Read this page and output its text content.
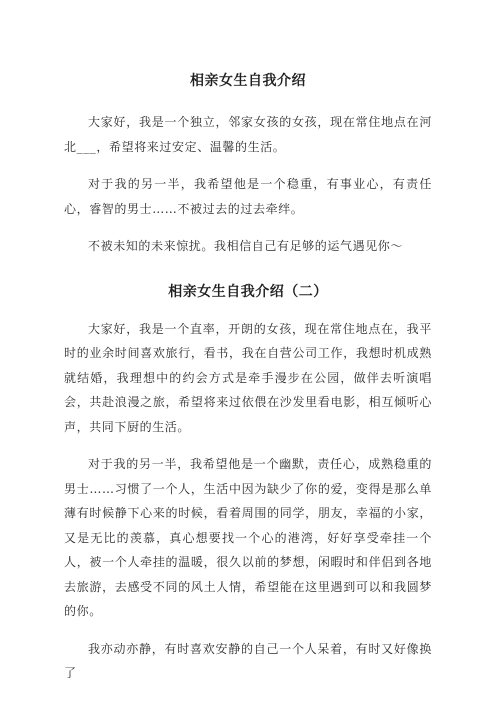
相亲女生自我介绍

大家好，我是一个独立，邻家女孩的女孩，现在常住地点在河北___，希望将来过安定、温馨的生活。

对于我的另一半，我希望他是一个稳重，有事业心，有责任心，睿智的男士……不被过去的过去牵绊。

不被未知的未来惊扰。我相信自己有足够的运气遇见你～

相亲女生自我介绍（二）

大家好，我是一个直率，开朗的女孩，现在常住地点在，我平时的业余时间喜欢旅行，看书，我在自营公司工作，我想时机成熟就结婚，我理想中的约会方式是牵手漫步在公园，做伴去听演唱会，共赴浪漫之旅，希望将来过依偎在沙发里看电影，相互倾听心声，共同下厨的生活。

对于我的另一半，我希望他是一个幽默，责任心，成熟稳重的男士……习惯了一个人，生活中因为缺少了你的爱，变得是那么单薄有时候静下心来的时候，看着周围的同学，朋友，幸福的小家，又是无比的羡慕，真心想要找一个心的港湾，好好享受牵挂一个人，被一个人牵挂的温暖，很久以前的梦想，闲暇时和伴侣到各地去旅游，去感受不同的风土人情，希望能在这里遇到可以和我圆梦的你。

我亦动亦静，有时喜欢安静的自己一个人呆着，有时又好像换了
